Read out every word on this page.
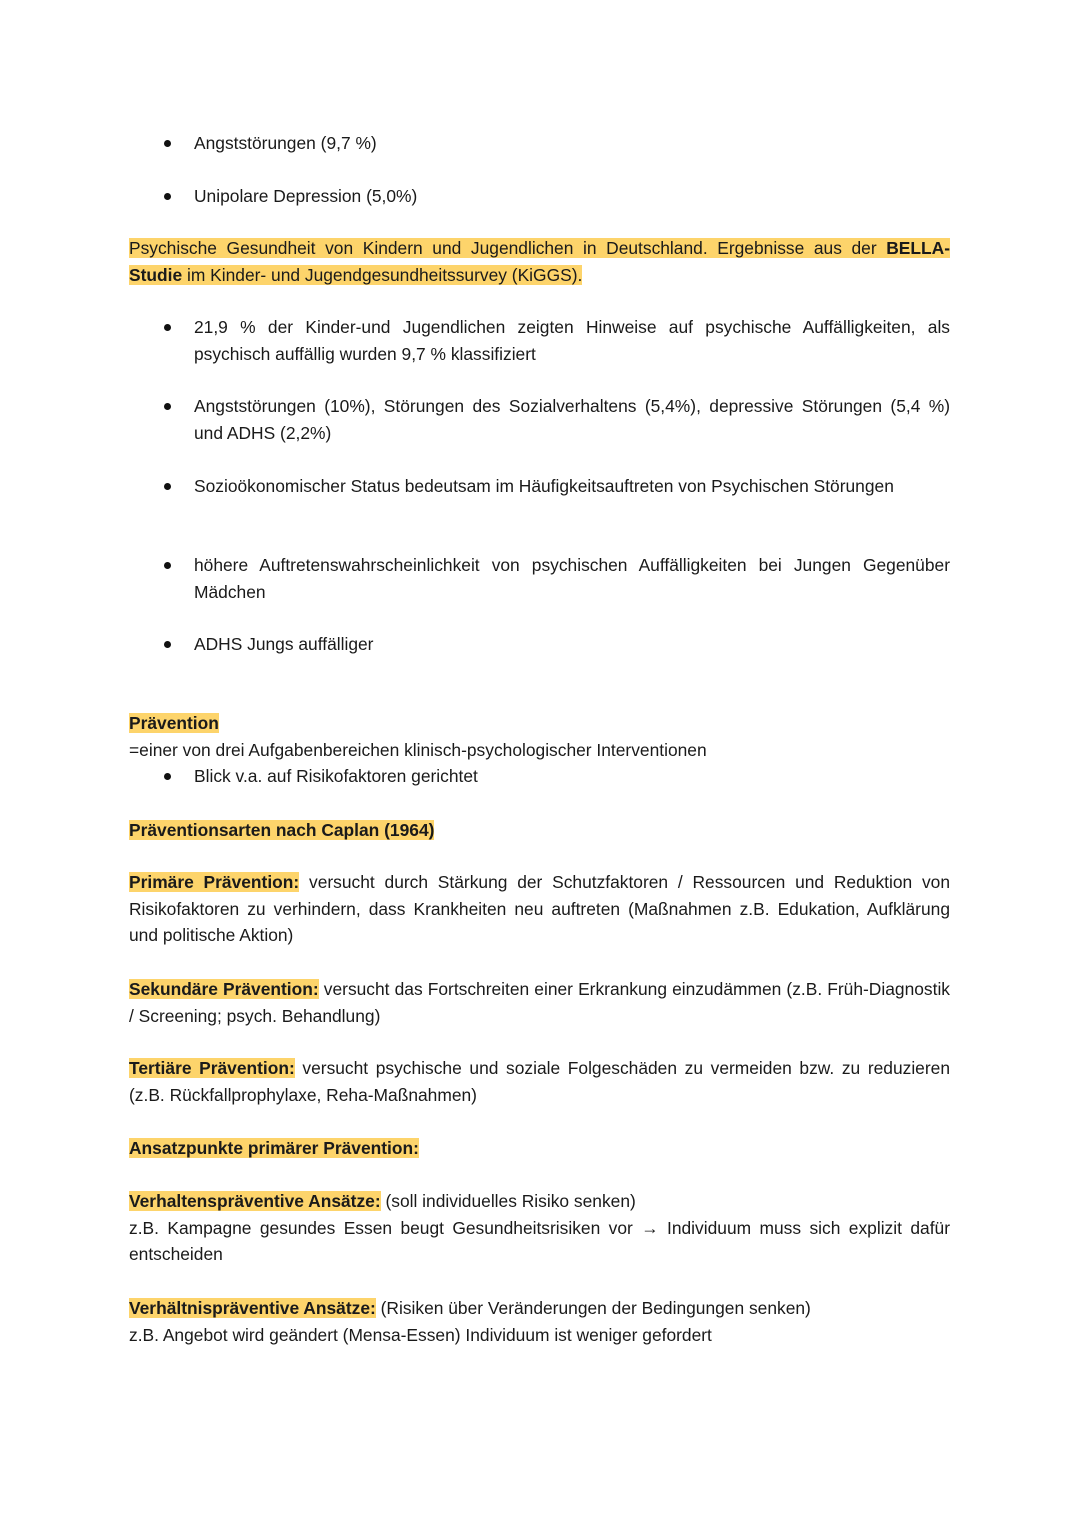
Angststörungen (9,7 %)
Unipolare Depression (5,0%)
Psychische Gesundheit von Kindern und Jugendlichen in Deutschland. Ergebnisse aus der BELLA-Studie im Kinder- und Jugendgesundheitssurvey (KiGGS).
21,9 % der Kinder-und Jugendlichen zeigten Hinweise auf psychische Auffälligkeiten, als psychisch auffällig wurden 9,7 % klassifiziert
Angststörungen (10%), Störungen des Sozialverhaltens (5,4%), depressive Störungen (5,4 %) und ADHS (2,2%)
Sozioökonomischer Status bedeutsam im Häufigkeitsauftreten von Psychischen Störungen
höhere Auftretenswahrscheinlichkeit von psychischen Auffälligkeiten bei Jungen Gegenüber Mädchen
ADHS Jungs auffälliger
Prävention
=einer von drei Aufgabenbereichen klinisch-psychologischer Interventionen
Blick v.a. auf Risikofaktoren gerichtet
Präventionsarten nach Caplan (1964)
Primäre Prävention: versucht durch Stärkung der Schutzfaktoren / Ressourcen und Reduktion von Risikofaktoren zu verhindern, dass Krankheiten neu auftreten (Maßnahmen z.B. Edukation, Aufklärung und politische Aktion)
Sekundäre Prävention: versucht das Fortschreiten einer Erkrankung einzudämmen (z.B. Früh-Diagnostik / Screening; psych. Behandlung)
Tertiäre Prävention: versucht psychische und soziale Folgeschäden zu vermeiden bzw. zu reduzieren (z.B. Rückfallprophylaxe, Reha-Maßnahmen)
Ansatzpunkte primärer Prävention:
Verhaltenspräventive Ansätze: (soll individuelles Risiko senken)
z.B. Kampagne gesundes Essen beugt Gesundheitsrisiken vor → Individuum muss sich explizit dafür entscheiden
Verhältnispräventive Ansätze: (Risiken über Veränderungen der Bedingungen senken)
z.B. Angebot wird geändert (Mensa-Essen) Individuum ist weniger gefordert
